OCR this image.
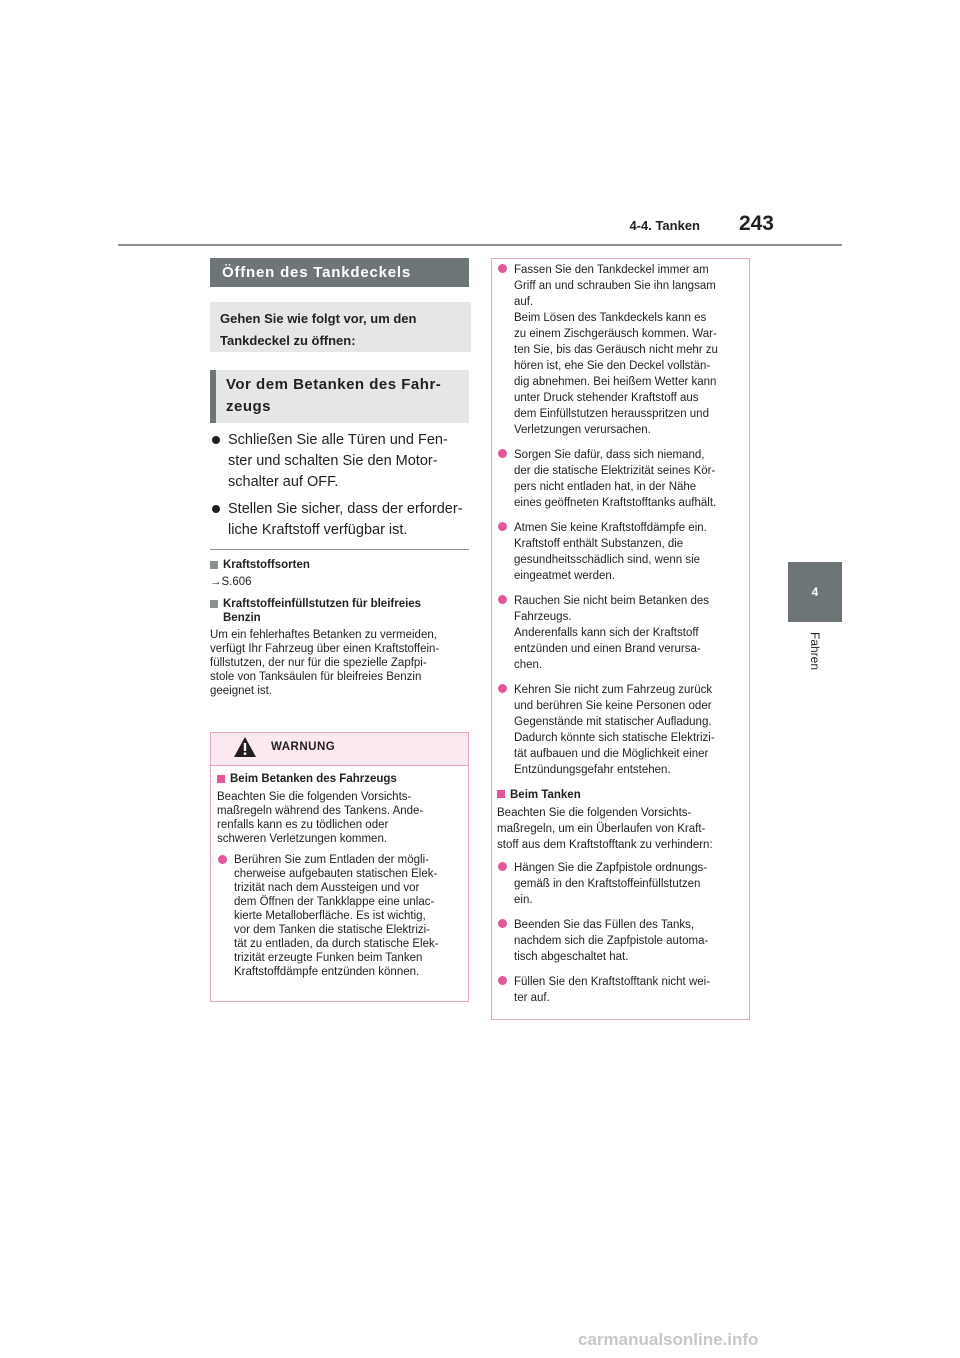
4-4. Tanken	243
4
Fahren
Öffnen des Tankdeckels
Gehen Sie wie folgt vor, um den
Tankdeckel zu öffnen:
Vor dem Betanken des Fahr-
zeugs
Schließen Sie alle Türen und Fen-
ster und schalten Sie den Motor-
schalter auf OFF.
Stellen Sie sicher, dass der erforder-
liche Kraftstoff verfügbar ist.
Kraftstoffsorten
→S.606
Kraftstoffeinfüllstutzen für bleifreies
Benzin
Um ein fehlerhaftes Betanken zu vermeiden,
verfügt Ihr Fahrzeug über einen Kraftstoffein-
füllstutzen, der nur für die spezielle Zapfpi-
stole von Tanksäulen für bleifreies Benzin
geeignet ist.
WARNUNG
Beim Betanken des Fahrzeugs
Beachten Sie die folgenden Vorsichts-
maßregeln während des Tankens. Ande-
renfalls kann es zu tödlichen oder
schweren Verletzungen kommen.
Berühren Sie zum Entladen der mögli-
cherweise aufgebauten statischen Elek-
trizität nach dem Aussteigen und vor
dem Öffnen der Tankklappe eine unlac-
kierte Metalloberfläche. Es ist wichtig,
vor dem Tanken die statische Elektrizi-
tät zu entladen, da durch statische Elek-
trizität erzeugte Funken beim Tanken
Kraftstoffdämpfe entzünden können.
Fassen Sie den Tankdeckel immer am
Griff an und schrauben Sie ihn langsam
auf.
Beim Lösen des Tankdeckels kann es
zu einem Zischgeräusch kommen. War-
ten Sie, bis das Geräusch nicht mehr zu
hören ist, ehe Sie den Deckel vollstän-
dig abnehmen. Bei heißem Wetter kann
unter Druck stehender Kraftstoff aus
dem Einfüllstutzen herausspritzen und
Verletzungen verursachen.
Sorgen Sie dafür, dass sich niemand,
der die statische Elektrizität seines Kör-
pers nicht entladen hat, in der Nähe
eines geöffneten Kraftstofftanks aufhält.
Atmen Sie keine Kraftstoffdämpfe ein.
Kraftstoff enthält Substanzen, die
gesundheitsschädlich sind, wenn sie
eingeatmet werden.
Rauchen Sie nicht beim Betanken des
Fahrzeugs.
Anderenfalls kann sich der Kraftstoff
entzünden und einen Brand verursa-
chen.
Kehren Sie nicht zum Fahrzeug zurück
und berühren Sie keine Personen oder
Gegenstände mit statischer Aufladung.
Dadurch könnte sich statische Elektrizi-
tät aufbauen und die Möglichkeit einer
Entzündungsgefahr entstehen.
Beim Tanken
Beachten Sie die folgenden Vorsichts-
maßregeln, um ein Überlaufen von Kraft-
stoff aus dem Kraftstofftank zu verhindern:
Hängen Sie die Zapfpistole ordnungs-
gemäß in den Kraftstoffeinfüllstutzen
ein.
Beenden Sie das Füllen des Tanks,
nachdem sich die Zapfpistole automa-
tisch abgeschaltet hat.
Füllen Sie den Kraftstofftank nicht wei-
ter auf.
carmanualsonline.info
